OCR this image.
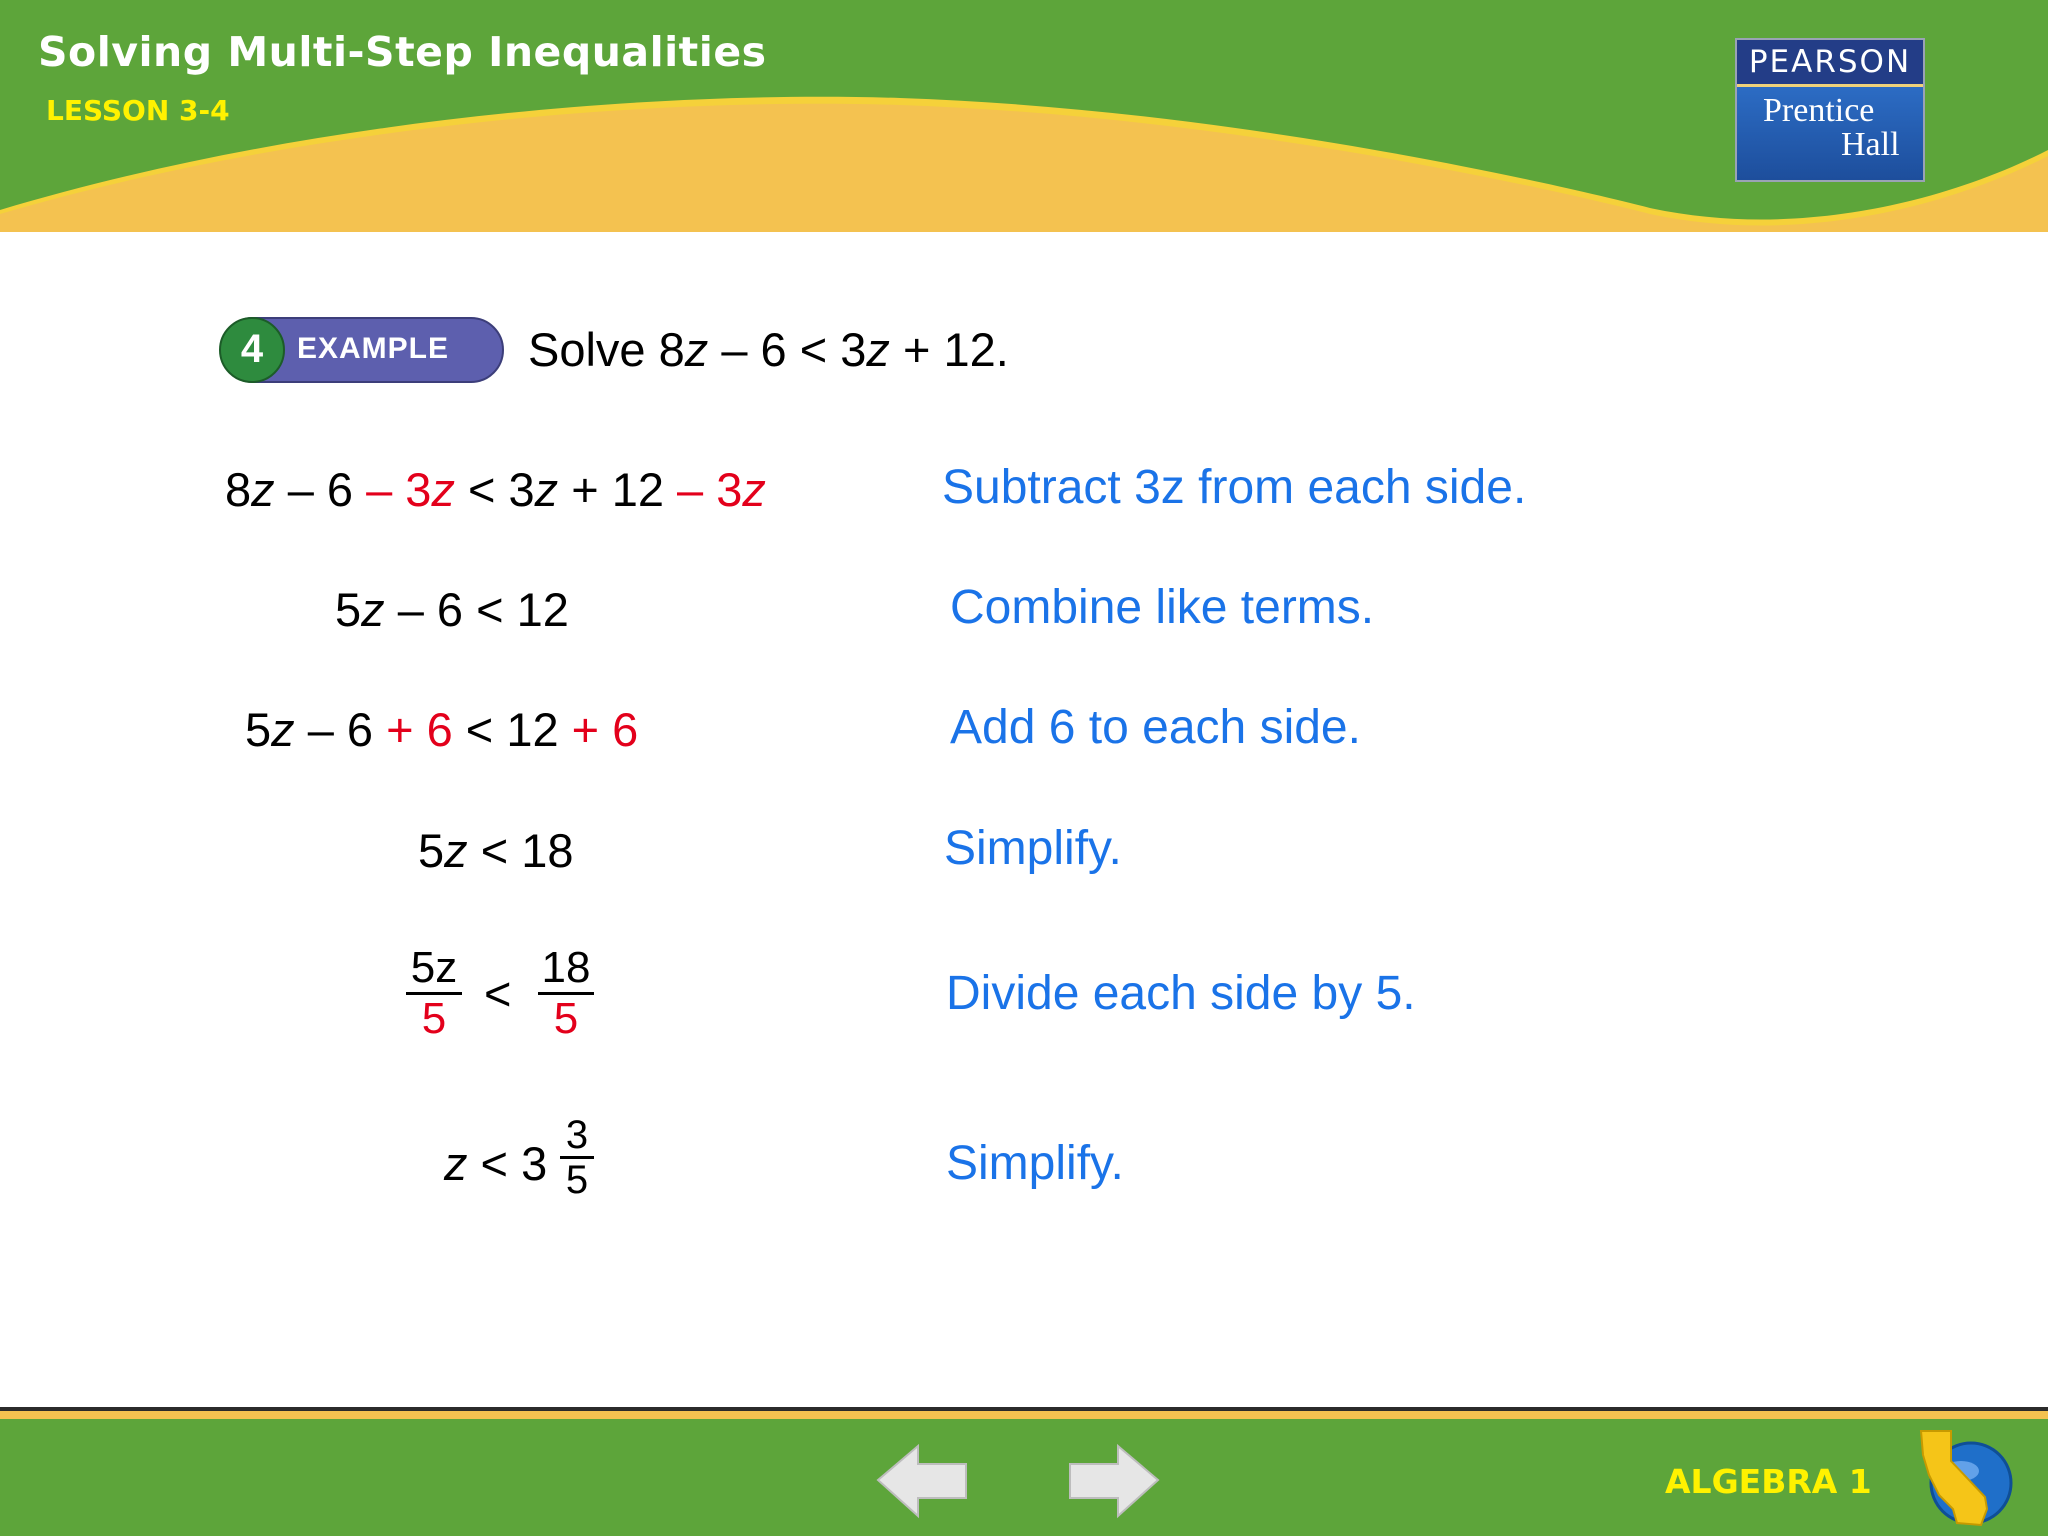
Solving Multi-Step Inequalities
LESSON 3-4
PEARSON
Prentice
Hall
4	EXAMPLE Solve 8z – 6 < 3z + 12.
8z – 6 – 3z < 3z + 12 – 3z	Subtract 3z from each side.
5z – 6 < 12	Combine like terms.
5z – 6 + 6 < 12 + 6	Add 6 to each side.
5z < 18	Simplify.
$\frac{5z}{5} < \frac{18}{5}$	Divide each side by 5.
$z < 3 \frac{3}{5}$	Simplify.
ALGEBRA 1
